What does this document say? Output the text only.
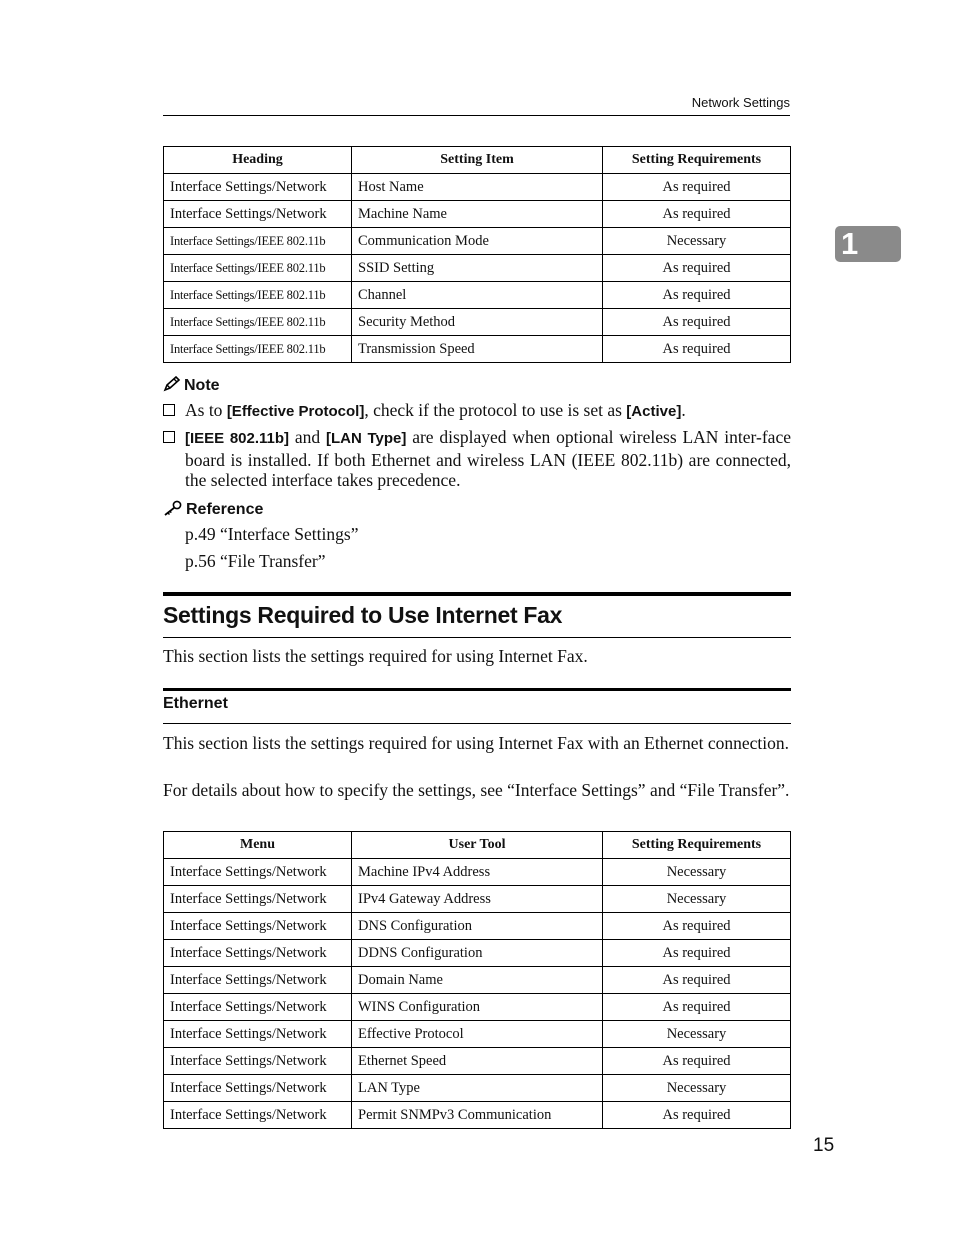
Network Settings
1
Heading	Setting Item	Setting Requirements
Interface Settings/Network	Host Name	As required
Interface Settings/Network	Machine Name	As required
Interface Settings/IEEE 802.11b	Communication Mode	Necessary
Interface Settings/IEEE 802.11b	SSID Setting	As required
Interface Settings/IEEE 802.11b	Channel	As required
Interface Settings/IEEE 802.11b	Security Method	As required
Interface Settings/IEEE 802.11b	Transmission Speed	As required
Note
As to [Effective Protocol], check if the protocol to use is set as [Active].
[IEEE 802.11b] and [LAN Type] are displayed when optional wireless LAN inter-face board is installed. If both Ethernet and wireless LAN (IEEE 802.11b) are connected, the selected interface takes precedence.
Reference
p.49 “Interface Settings”
p.56 “File Transfer”
Settings Required to Use Internet Fax
This section lists the settings required for using Internet Fax.
Ethernet
This section lists the settings required for using Internet Fax with an Ethernet connection.
For details about how to specify the settings, see “Interface Settings” and “File Transfer”.
Menu	User Tool	Setting Requirements
Interface Settings/Network	Machine IPv4 Address	Necessary
Interface Settings/Network	IPv4 Gateway Address	Necessary
Interface Settings/Network	DNS Configuration	As required
Interface Settings/Network	DDNS Configuration	As required
Interface Settings/Network	Domain Name	As required
Interface Settings/Network	WINS Configuration	As required
Interface Settings/Network	Effective Protocol	Necessary
Interface Settings/Network	Ethernet Speed	As required
Interface Settings/Network	LAN Type	Necessary
Interface Settings/Network	Permit SNMPv3 Communication	As required
15
